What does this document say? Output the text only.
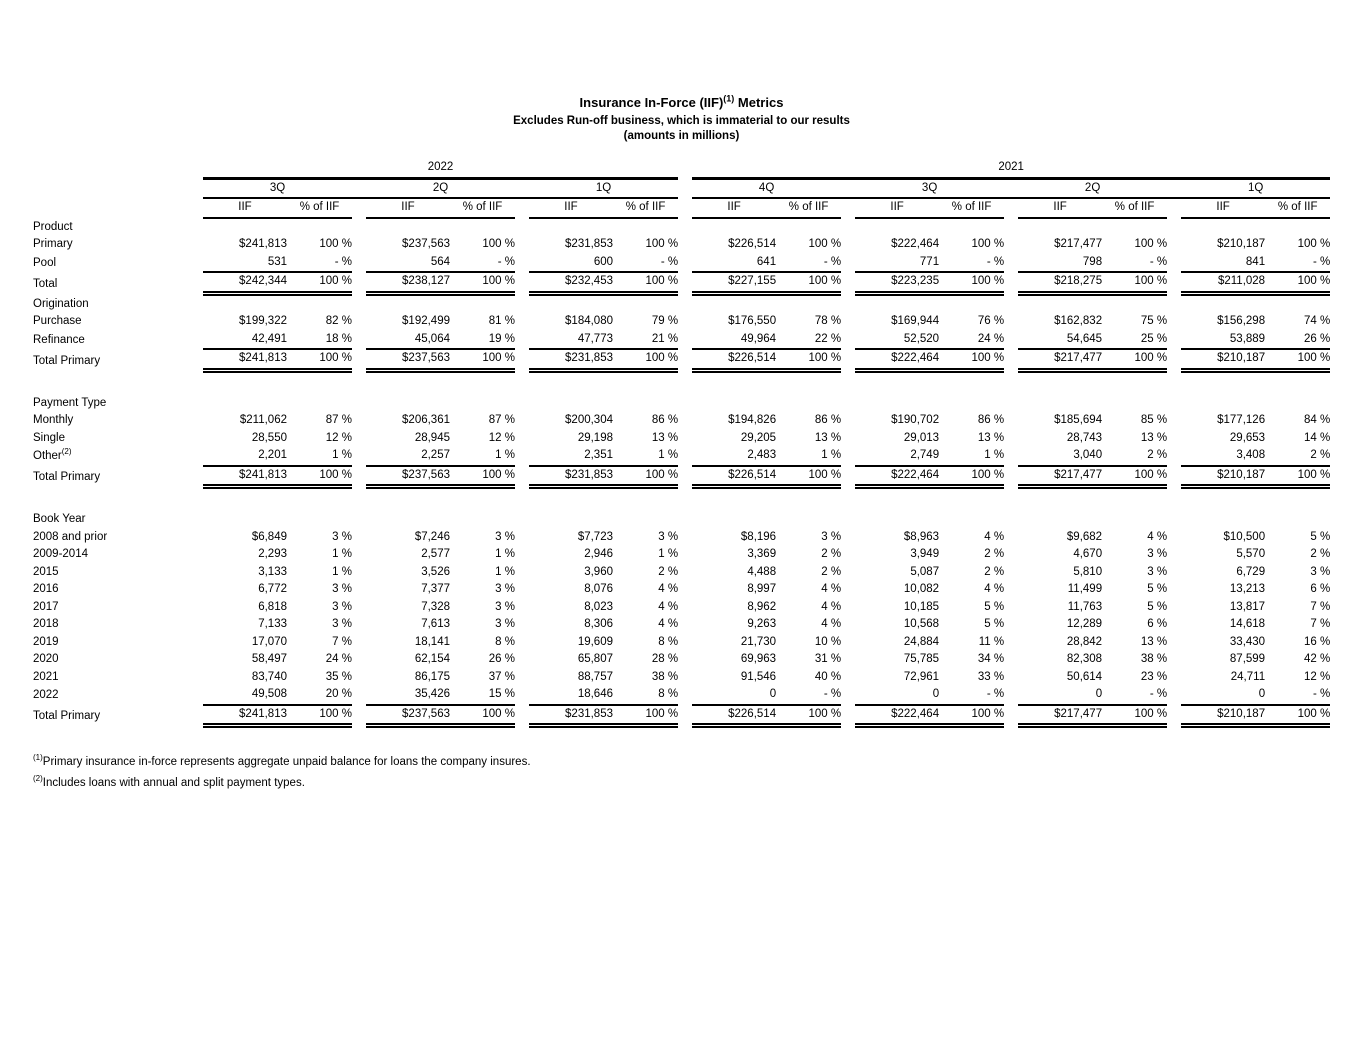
Insurance In-Force (IIF)$^{(1)}$ Metrics
Excludes Run-off business, which is immaterial to our results
(amounts in millions)
	2022									2021										
	3Q			2Q			1Q			4Q			3Q			2Q			1Q	
	IIF	% of IIF		IIF	% of IIF		IIF	% of IIF		IIF	% of IIF		IIF	% of IIF		IIF	% of IIF		IIF	% of IIF
Product																				
Primary	$241,813	100 %		$237,563	100 %		$231,853	100 %		$226,514	100 %		$222,464	100 %		$217,477	100 %		$210,187	100 %
Pool	531	- %		564	- %		600	- %		641	- %		771	- %		798	- %		841	- %
Total	$242,344	100 %		$238,127	100 %		$232,453	100 %		$227,155	100 %		$223,235	100 %		$218,275	100 %		$211,028	100 %
Origination																				
Purchase	$199,322	82 %		$192,499	81 %		$184,080	79 %		$176,550	78 %		$169,944	76 %		$162,832	75 %		$156,298	74 %
Refinance	42,491	18 %		45,064	19 %		47,773	21 %		49,964	22 %		52,520	24 %		54,645	25 %		53,889	26 %
Total Primary	$241,813	100 %		$237,563	100 %		$231,853	100 %		$226,514	100 %		$222,464	100 %		$217,477	100 %		$210,187	100 %

Payment Type																				
Monthly	$211,062	87 %		$206,361	87 %		$200,304	86 %		$194,826	86 %		$190,702	86 %		$185,694	85 %		$177,126	84 %
Single	28,550	12 %		28,945	12 %		29,198	13 %		29,205	13 %		29,013	13 %		28,743	13 %		29,653	14 %
Other$^{(2)}$	2,201	1 %		2,257	1 %		2,351	1 %		2,483	1 %		2,749	1 %		3,040	2 %		3,408	2 %
Total Primary	$241,813	100 %		$237,563	100 %		$231,853	100 %		$226,514	100 %		$222,464	100 %		$217,477	100 %		$210,187	100 %

Book Year																				
2008 and prior	$6,849	3 %		$7,246	3 %		$7,723	3 %		$8,196	3 %		$8,963	4 %		$9,682	4 %		$10,500	5 %
2009-2014	2,293	1 %		2,577	1 %		2,946	1 %		3,369	2 %		3,949	2 %		4,670	3 %		5,570	2 %
2015	3,133	1 %		3,526	1 %		3,960	2 %		4,488	2 %		5,087	2 %		5,810	3 %		6,729	3 %
2016	6,772	3 %		7,377	3 %		8,076	4 %		8,997	4 %		10,082	4 %		11,499	5 %		13,213	6 %
2017	6,818	3 %		7,328	3 %		8,023	4 %		8,962	4 %		10,185	5 %		11,763	5 %		13,817	7 %
2018	7,133	3 %		7,613	3 %		8,306	4 %		9,263	4 %		10,568	5 %		12,289	6 %		14,618	7 %
2019	17,070	7 %		18,141	8 %		19,609	8 %		21,730	10 %		24,884	11 %		28,842	13 %		33,430	16 %
2020	58,497	24 %		62,154	26 %		65,807	28 %		69,963	31 %		75,785	34 %		82,308	38 %		87,599	42 %
2021	83,740	35 %		86,175	37 %		88,757	38 %		91,546	40 %		72,961	33 %		50,614	23 %		24,711	12 %
2022	49,508	20 %		35,426	15 %		18,646	8 %		0	- %		0	- %		0	- %		0	- %
Total Primary	$241,813	100 %		$237,563	100 %		$231,853	100 %		$226,514	100 %		$222,464	100 %		$217,477	100 %		$210,187	100 %
$^{(1)}$Primary insurance in-force represents aggregate unpaid balance for loans the company insures.
$^{(2)}$Includes loans with annual and split payment types.
